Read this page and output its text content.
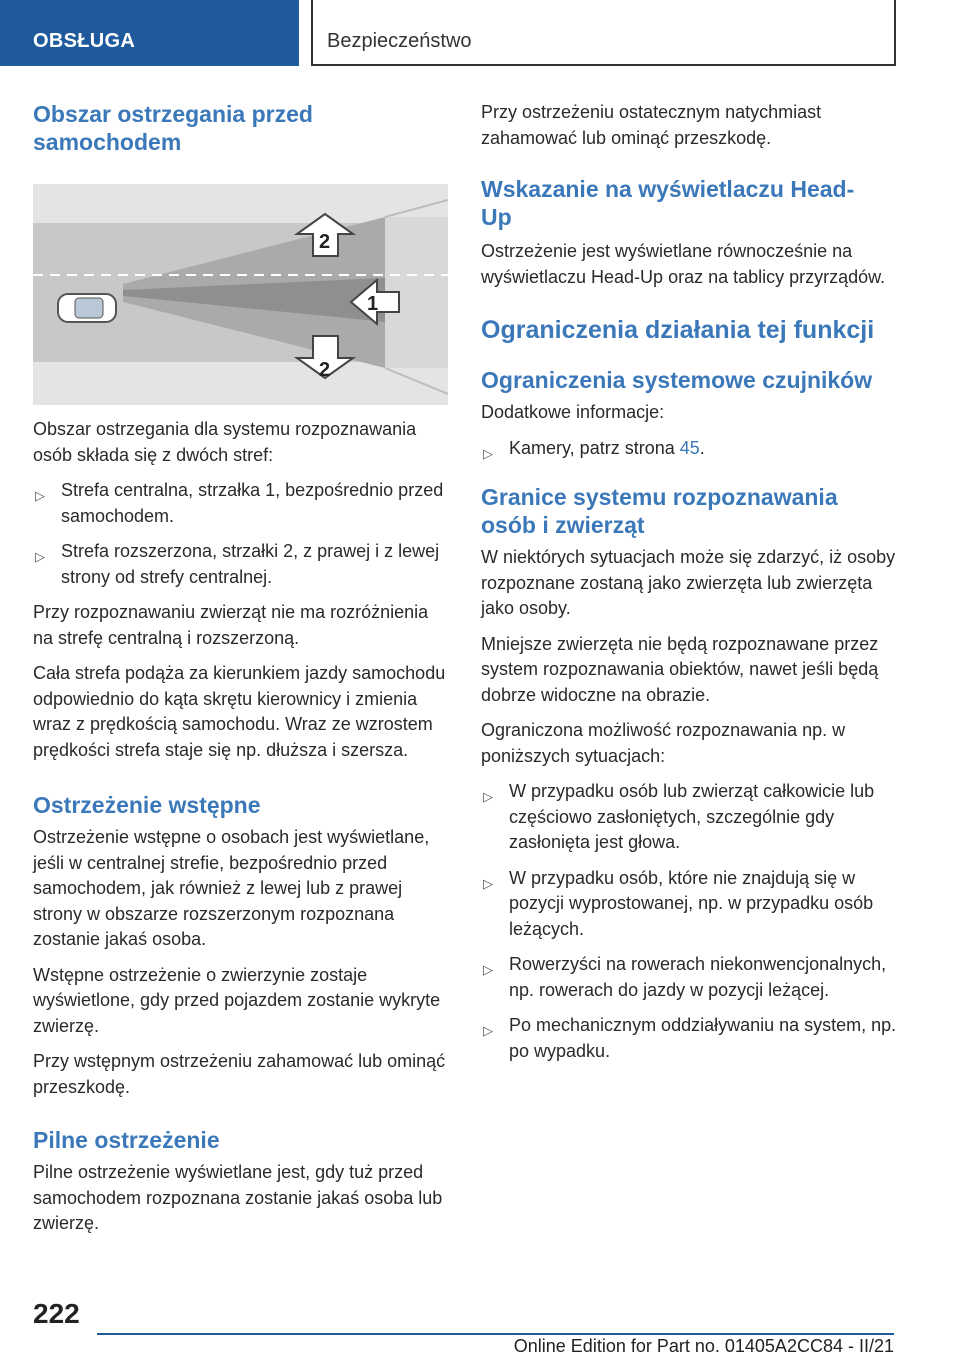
OBSŁUGA	Bezpieczeństwo
Obszar ostrzegania przed samochodem
2
1
2

Obszar ostrzegania dla systemu rozpoznawania osób składa się z dwóch stref:

▷ Strefa centralna, strzałka 1, bezpośrednio przed samochodem.
▷ Strefa rozszerzona, strzałki 2, z prawej i z lewej strony od strefy centralnej.

Przy rozpoznawaniu zwierząt nie ma rozróżnienia na strefę centralną i rozszerzoną.

Cała strefa podąża za kierunkiem jazdy samochodu odpowiednio do kąta skrętu kierownicy i zmienia wraz z prędkością samochodu. Wraz ze wzrostem prędkości strefa staje się np. dłuższa i szersza.

Ostrzeżenie wstępne

Ostrzeżenie wstępne o osobach jest wyświetlane, jeśli w centralnej strefie, bezpośrednio przed samochodem, jak również z lewej lub z prawej strony w obszarze rozszerzonym rozpoznana zostanie jakaś osoba.

Wstępne ostrzeżenie o zwierzynie zostaje wyświetlone, gdy przed pojazdem zostanie wykryte zwierzę.

Przy wstępnym ostrzeżeniu zahamować lub ominąć przeszkodę.

Pilne ostrzeżenie

Pilne ostrzeżenie wyświetlane jest, gdy tuż przed samochodem rozpoznana zostanie jakaś osoba lub zwierzę.

Przy ostrzeżeniu ostatecznym natychmiast zahamować lub ominąć przeszkodę.

Wskazanie na wyświetlaczu Head-Up

Ostrzeżenie jest wyświetlane równocześnie na wyświetlaczu Head-Up oraz na tablicy przyrządów.

Ograniczenia działania tej funkcji
Ograniczenia systemowe czujników

Dodatkowe informacje:

▷ Kamery, patrz strona 45.
Granice systemu rozpoznawania osób i zwierząt

W niektórych sytuacjach może się zdarzyć, iż osoby rozpoznane zostaną jako zwierzęta lub zwierzęta jako osoby.

Mniejsze zwierzęta nie będą rozpoznawane przez system rozpoznawania obiektów, nawet jeśli będą dobrze widoczne na obrazie.

Ograniczona możliwość rozpoznawania np. w poniższych sytuacjach:

▷ W przypadku osób lub zwierząt całkowicie lub częściowo zasłoniętych, szczególnie gdy zasłonięta jest głowa.
▷ W przypadku osób, które nie znajdują się w pozycji wyprostowanej, np. w przypadku osób leżących.
▷ Rowerzyści na rowerach niekonwencjonalnych, np. rowerach do jazdy w pozycji leżącej.
▷ Po mechanicznym oddziaływaniu na system, np. po wypadku.
222
Online Edition for Part no. 01405A2CC84 - II/21
